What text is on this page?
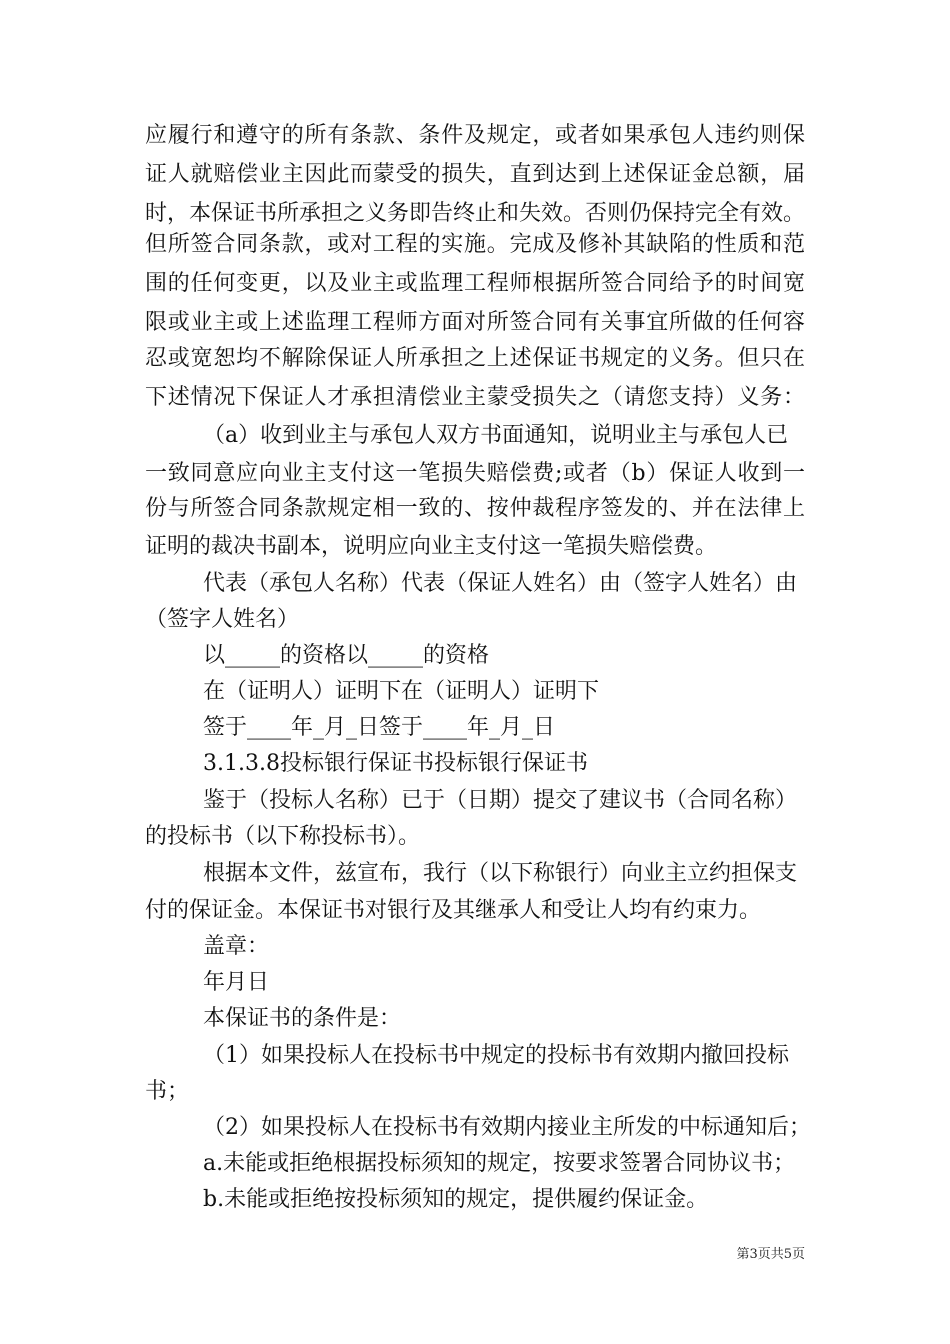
应履行和遵守的所有条款、条件及规定，或者如果承包人违约则保
证人就赔偿业主因此而蒙受的损失，直到达到上述保证金总额，届
时，本保证书所承担之义务即告终止和失效。否则仍保持完全有效。
但所签合同条款，或对工程的实施。完成及修补其缺陷的性质和范
围的任何变更，以及业主或监理工程师根据所签合同给予的时间宽
限或业主或上述监理工程师方面对所签合同有关事宜所做的任何容
忍或宽恕均不解除保证人所承担之上述保证书规定的义务。但只在
下述情况下保证人才承担清偿业主蒙受损失之（请您支持）义务：
（a）收到业主与承包人双方书面通知，说明业主与承包人已
一致同意应向业主支付这一笔损失赔偿费;或者（b）保证人收到一
份与所签合同条款规定相一致的、按仲裁程序签发的、并在法律上
证明的裁决书副本，说明应向业主支付这一笔损失赔偿费。
代表（承包人名称）代表（保证人姓名）由（签字人姓名）由
（签字人姓名）
以_____的资格以_____的资格
在（证明人）证明下在（证明人）证明下
签于____年_月_日签于____年_月_日
3.1.3.8投标银行保证书投标银行保证书
鉴于（投标人名称）已于（日期）提交了建议书（合同名称）
的投标书（以下称投标书）。
根据本文件，兹宣布，我行（以下称银行）向业主立约担保支
付的保证金。本保证书对银行及其继承人和受让人均有约束力。
盖章：
年月日
本保证书的条件是：
（1）如果投标人在投标书中规定的投标书有效期内撤回投标
书；
（2）如果投标人在投标书有效期内接业主所发的中标通知后；
a.未能或拒绝根据投标须知的规定，按要求签署合同协议书；
b.未能或拒绝按投标须知的规定，提供履约保证金。
第3页共5页
